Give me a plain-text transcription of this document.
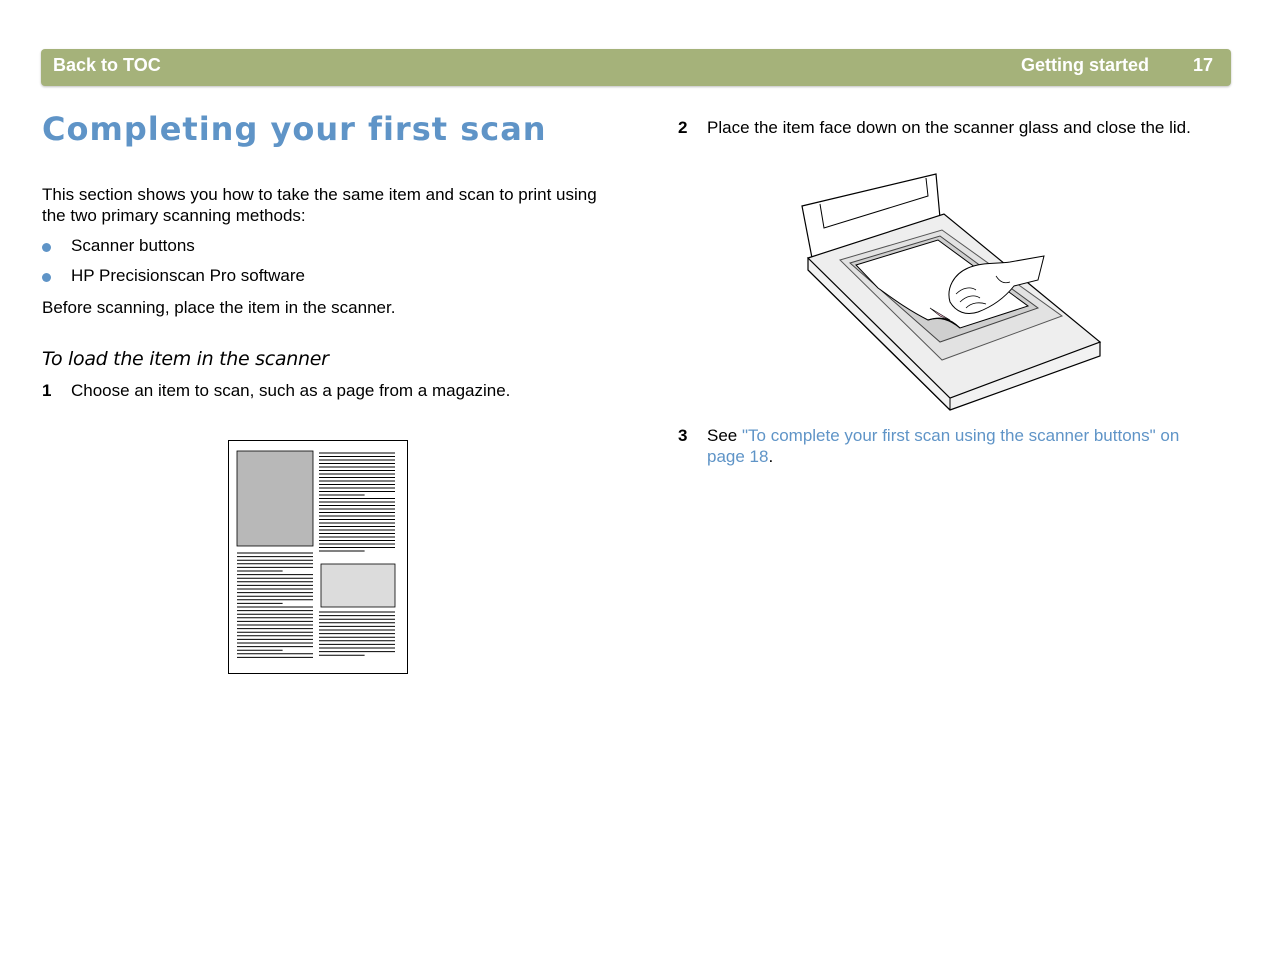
Back to TOC	Getting started 17
Completing your first scan
This section shows you how to take the same item and scan to print using the two primary scanning methods:
Scanner buttons
HP Precisionscan Pro software
Before scanning, place the item in the scanner.
To load the item in the scanner
1 Choose an item to scan, such as a page from a magazine.
2 Place the item face down on the scanner glass and close the lid.
3 See "To complete your first scan using the scanner buttons" on page 18.
